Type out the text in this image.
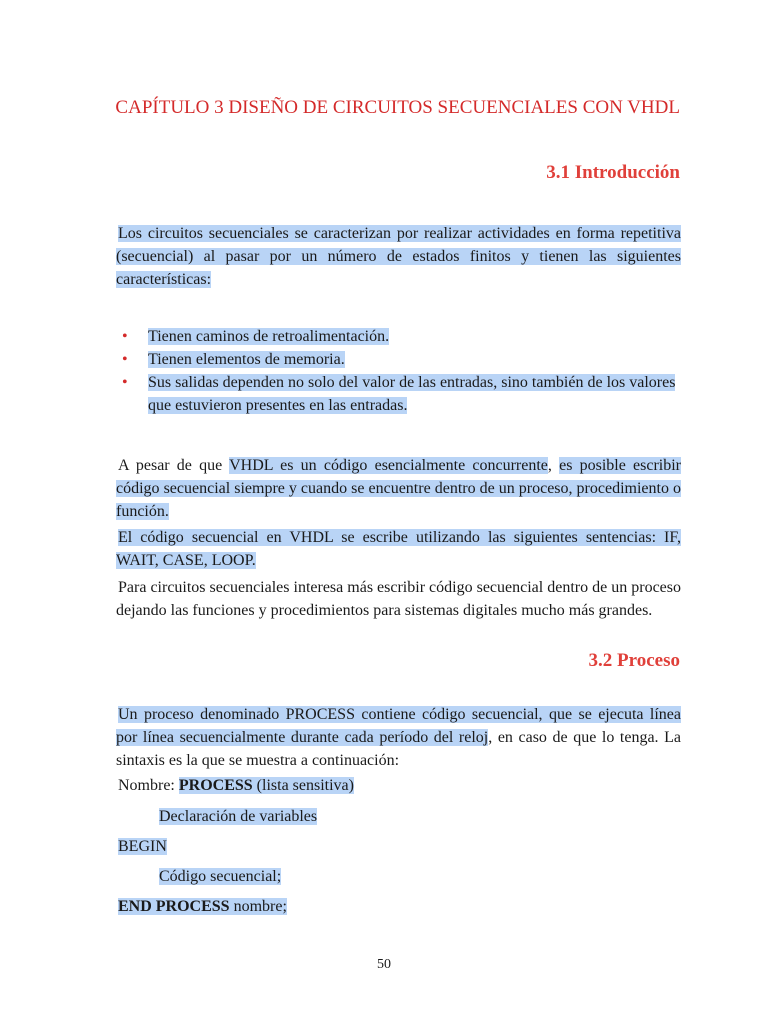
CAPÍTULO 3 DISEÑO DE CIRCUITOS SECUENCIALES CON VHDL
3.1 Introducción

Los circuitos secuenciales se caracterizan por realizar actividades en forma repetitiva (secuencial) al pasar por un número de estados finitos y tienen las siguientes características:

• Tienen caminos de retroalimentación.
• Tienen elementos de memoria.
• Sus salidas dependen no solo del valor de las entradas, sino también de los valores que estuvieron presentes en las entradas.

A pesar de que VHDL es un código esencialmente concurrente, es posible escribir código secuencial siempre y cuando se encuentre dentro de un proceso, procedimiento o función.

El código secuencial en VHDL se escribe utilizando las siguientes sentencias: IF, WAIT, CASE, LOOP.

Para circuitos secuenciales interesa más escribir código secuencial dentro de un proceso dejando las funciones y procedimientos para sistemas digitales mucho más grandes.

3.2 Proceso

Un proceso denominado PROCESS contiene código secuencial, que se ejecuta línea por línea secuencialmente durante cada período del reloj, en caso de que lo tenga. La sintaxis es la que se muestra a continuación:

Nombre: PROCESS (lista sensitiva)
Declaración de variables
BEGIN
Código secuencial;
END PROCESS nombre;
50
